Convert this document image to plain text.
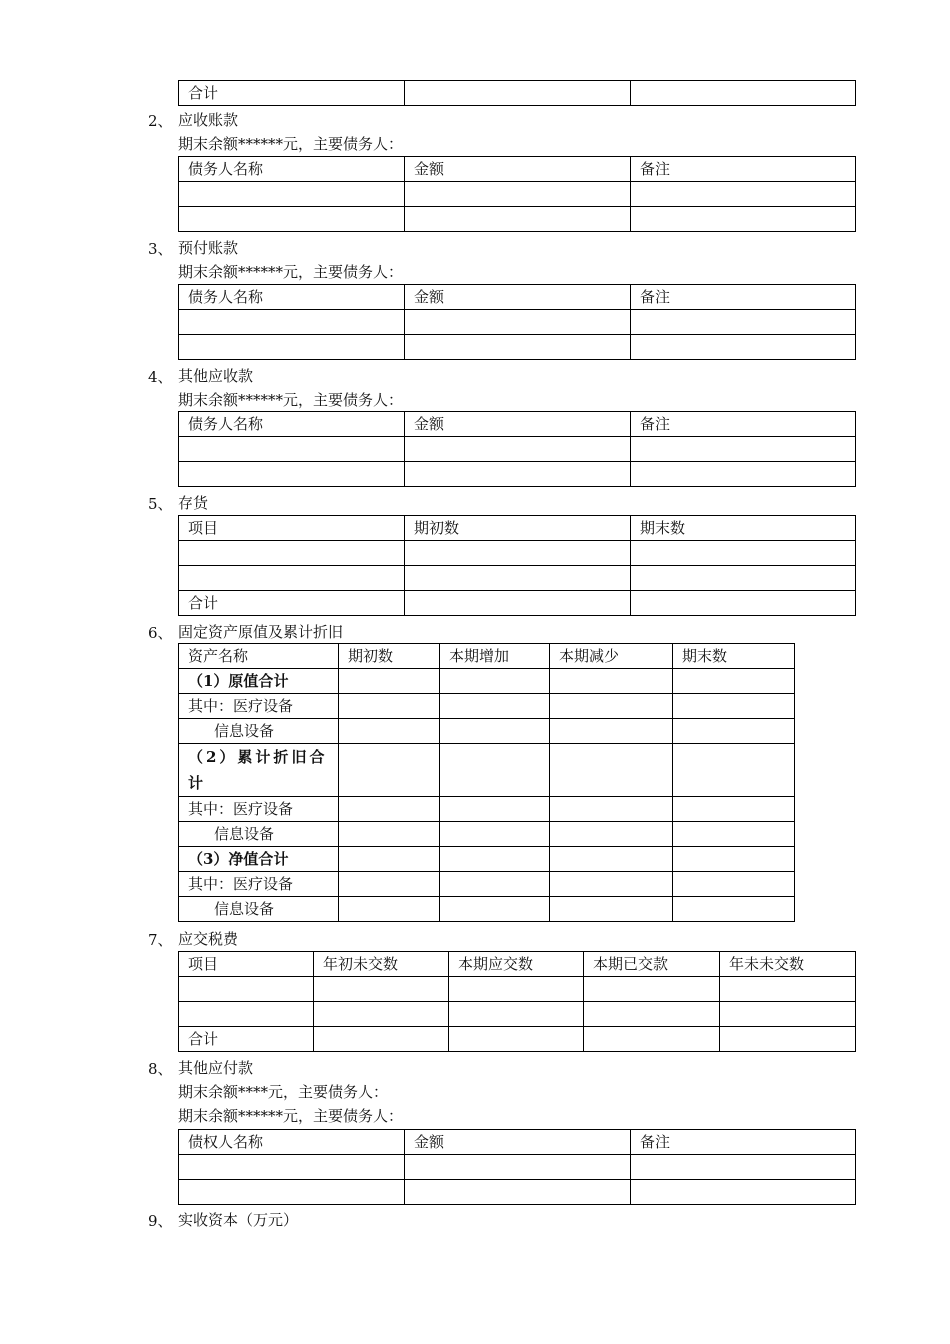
合计		
2、 应收账款
期末余额******元，主要债务人：
债务人名称	金额	备注

3、 预付账款
期末余额******元，主要债务人：
债务人名称	金额	备注

4、 其他应收款
期末余额******元，主要债务人：
债务人名称	金额	备注

5、 存货
项目	期初数	期末数

合计		
6、 固定资产原值及累计折旧
资产名称	期初数	本期增加	本期减少	期末数
（1）原值合计				
其中：医疗设备				
信息设备				
（2）累计折旧合计				
其中：医疗设备				
信息设备				
（3）净值合计				
其中：医疗设备				
信息设备				
7、 应交税费
项目	年初未交数	本期应交数	本期已交款	年未未交数

合计				
8、 其他应付款
期末余额****元，主要债务人：
期末余额******元，主要债务人：
债权人名称	金额	备注

9、 实收资本（万元）
